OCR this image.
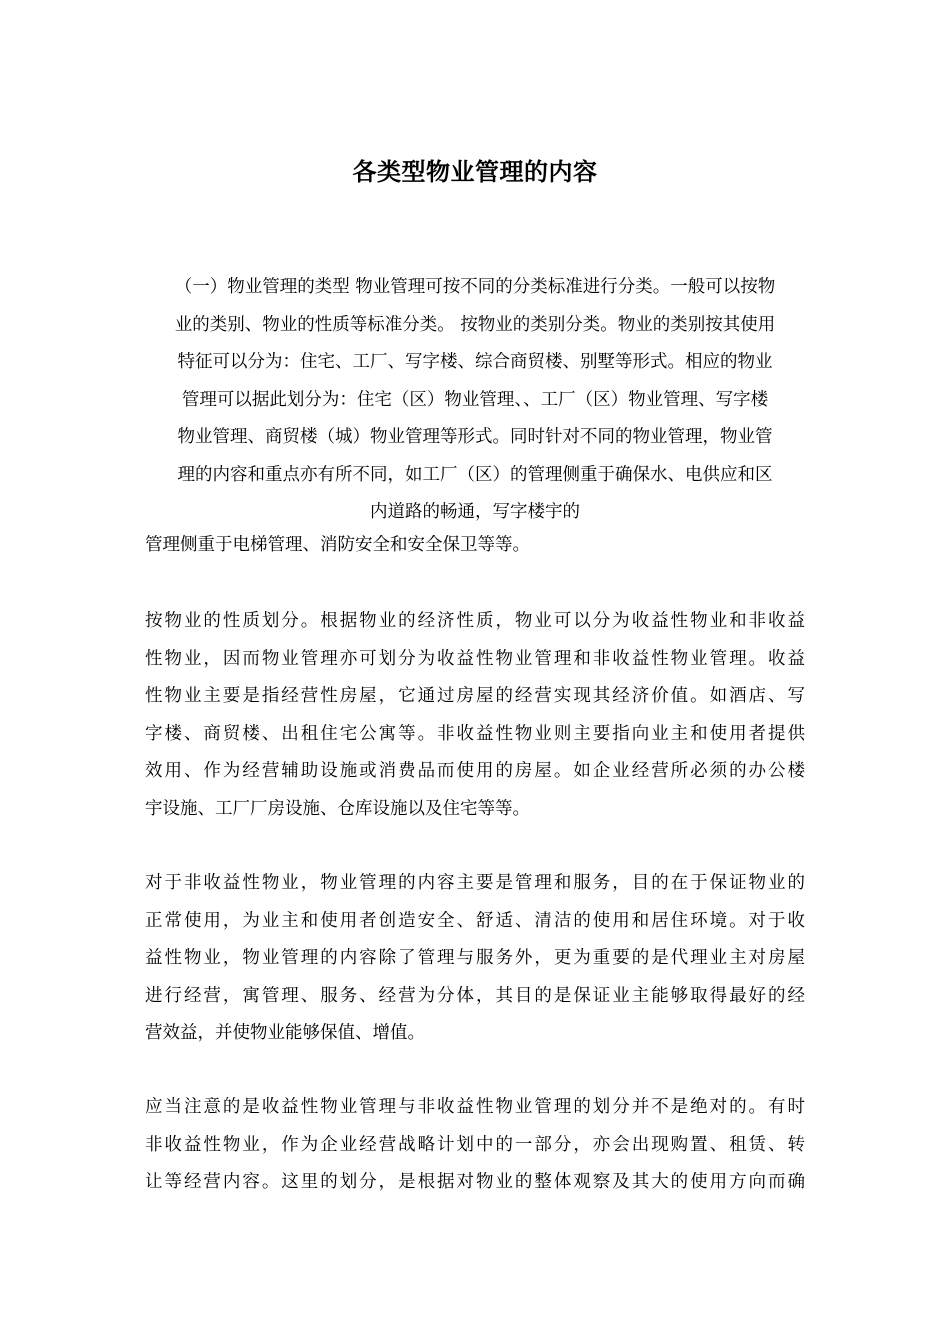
各类型物业管理的内容
（一）物业管理的类型 物业管理可按不同的分类标准进行分类。一般可以按物
业的类别、物业的性质等标准分类。 按物业的类别分类。物业的类别按其使用
特征可以分为：住宅、工厂、写字楼、综合商贸楼、别墅等形式。相应的物业
管理可以据此划分为：住宅（区）物业管理、、工厂（区）物业管理、写字楼
物业管理、商贸楼（城）物业管理等形式。同时针对不同的物业管理，物业管
理的内容和重点亦有所不同，如工厂（区）的管理侧重于确保水、电供应和区
内道路的畅通，写字楼宇的
管理侧重于电梯管理、消防安全和安全保卫等等。
按物业的性质划分。根据物业的经济性质，物业可以分为收益性物业和非收益
性物业，因而物业管理亦可划分为收益性物业管理和非收益性物业管理。收益
性物业主要是指经营性房屋，它通过房屋的经营实现其经济价值。如酒店、写
字楼、商贸楼、出租住宅公寓等。非收益性物业则主要指向业主和使用者提供
效用、作为经营辅助设施或消费品而使用的房屋。如企业经营所必须的办公楼
宇设施、工厂厂房设施、仓库设施以及住宅等等。
对于非收益性物业，物业管理的内容主要是管理和服务，目的在于保证物业的
正常使用，为业主和使用者创造安全、舒适、清洁的使用和居住环境。对于收
益性物业，物业管理的内容除了管理与服务外，更为重要的是代理业主对房屋
进行经营，寓管理、服务、经营为分体，其目的是保证业主能够取得最好的经
营效益，并使物业能够保值、增值。
应当注意的是收益性物业管理与非收益性物业管理的划分并不是绝对的。有时
非收益性物业，作为企业经营战略计划中的一部分，亦会出现购置、租赁、转
让等经营内容。这里的划分，是根据对物业的整体观察及其大的使用方向而确
